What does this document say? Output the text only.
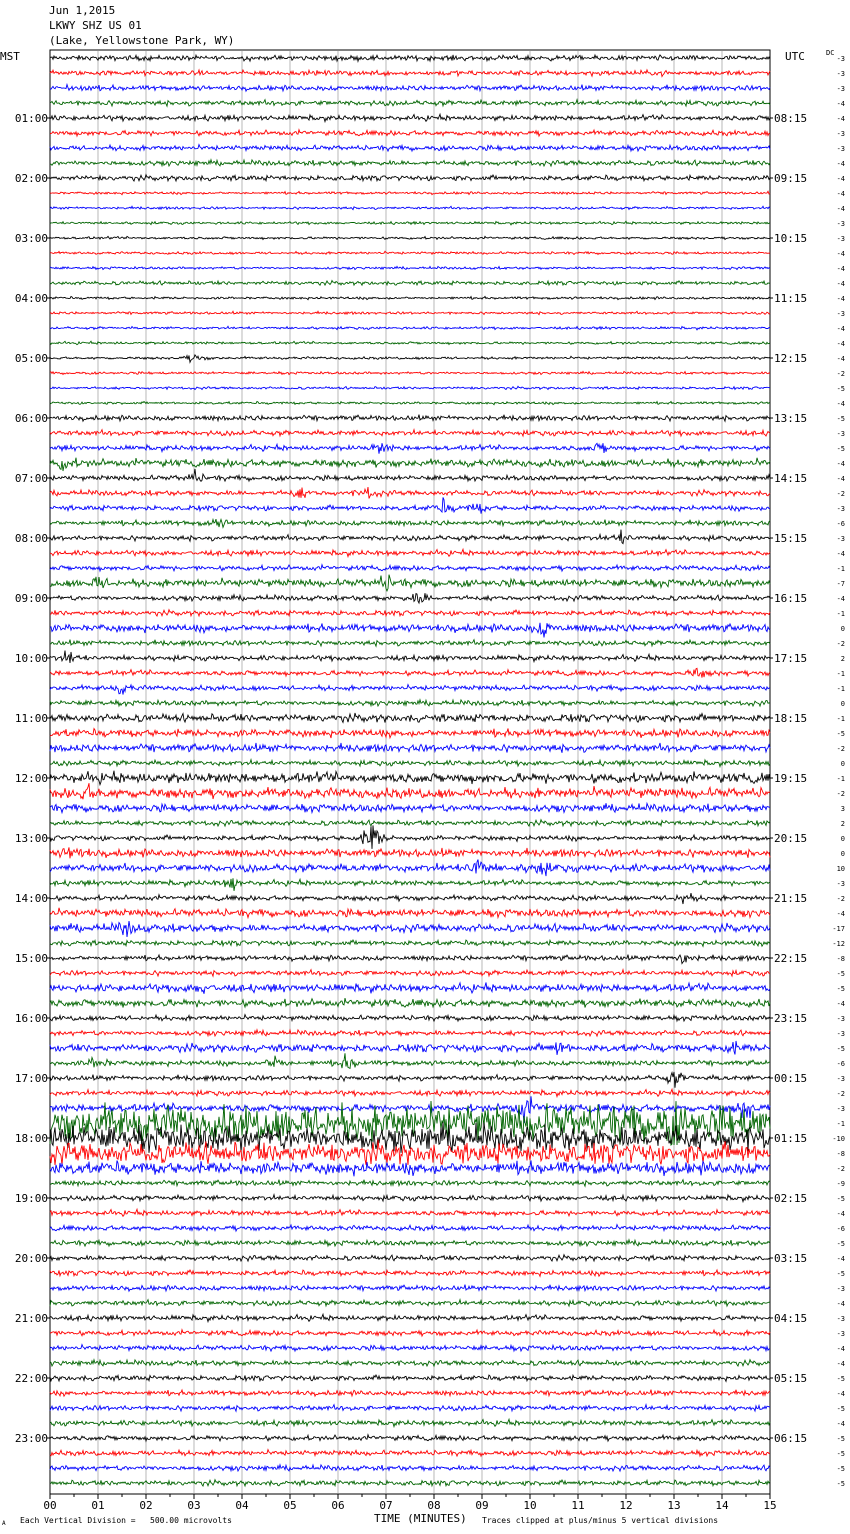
Jun 1,2015
LKWY SHZ US 01
(Lake, Yellowstone Park, WY)
MST	UTC	DC
00	01	02	03	04	05	06	07	08	09	10	11	12	13	14	15
-3
-3
-3
-4
-4
-3
-3
-4
-4
-4
-4
-3
-3
-4
-4
-4
-4
-3
-4
-4
-4
-2
-5
-4
-5
-3
-5
-4
-4
-2
-3
-6
-3
-4
-1
-7
-4
-1
0
-2
2
-1
-1
0
-1
-5
-2
0
-1
-2
3
2
0
0
10
-3
-2
-4
-17
-12
-8
-5
-5
-4
-3
-3
-5
-6
-3
-2
-3
-1
-10
-8
-2
-9
-5
-4
-6
-5
-4
-5
-3
-4
-3
-3
-4
-4
-5
-4
-5
-4
-5
-5
-5
-5
01:00
02:00
03:00
04:00
05:00
06:00
07:00
08:00
09:00
10:00
11:00
12:00
13:00
14:00
15:00
16:00
17:00
18:00
19:00
20:00
21:00
22:00
23:00
08:15
09:15
10:15
11:15
12:15
13:15
14:15
15:15
16:15
17:15
18:15
19:15
20:15
21:15
22:15
23:15
00:15
01:15
02:15
03:15
04:15
05:15
06:15
A Each Vertical Division =   500.00 microvolts	TIME (MINUTES) Traces clipped at plus/minus 5 vertical divisions
